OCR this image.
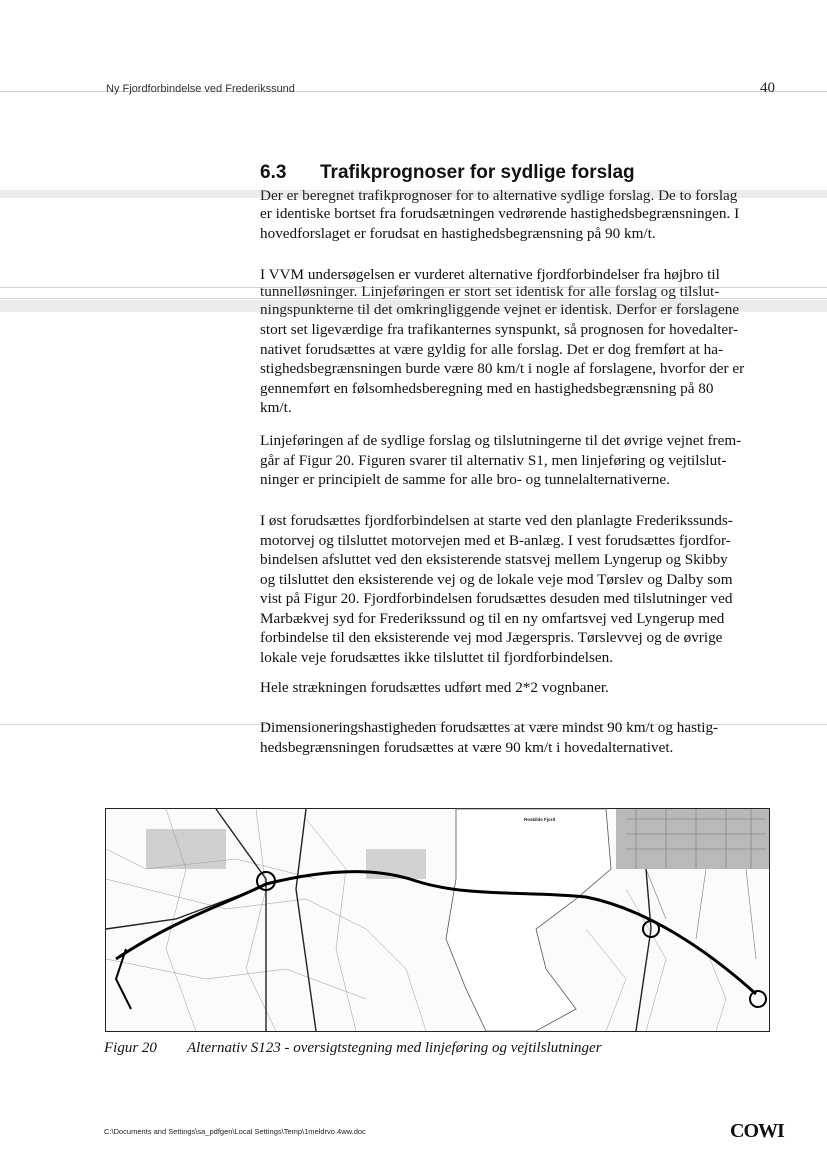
Ny Fjordforbindelse ved Frederikssund	40
6.3 Trafikprognoser for sydlige forslag
Der er beregnet trafikprognoser for to alternative sydlige forslag. De to forslag
er identiske bortset fra forudsætningen vedrørende hastighedsbegrænsningen. I
hovedforslaget er forudsat en hastighedsbegrænsning på 90 km/t.
I VVM undersøgelsen er vurderet alternative fjordforbindelser fra højbro til
tunnelløsninger. Linjeføringen er stort set identisk for alle forslag og tilslut-
ningspunkterne til det omkringliggende vejnet er identisk. Derfor er forslagene
stort set ligeværdige fra trafikanternes synspunkt, så prognosen for hovedalter-
nativet forudsættes at være gyldig for alle forslag. Det er dog fremført at ha-
stighedsbegrænsningen burde være 80 km/t i nogle af forslagene, hvorfor der er
gennemført en følsomhedsberegning med en hastighedsbegrænsning på 80
km/t.
Linjeføringen af de sydlige forslag og tilslutningerne til det øvrige vejnet frem-
går af Figur 20. Figuren svarer til alternativ S1, men linjeføring og vejtilslut-
ninger er principielt de samme for alle bro- og tunnelalternativerne.
I øst forudsættes fjordforbindelsen at starte ved den planlagte Frederikssunds-
motorvej og tilsluttet motorvejen med et B-anlæg. I vest forudsættes fjordfor-
bindelsen afsluttet ved den eksisterende statsvej mellem Lyngerup og Skibby
og tilsluttet den eksisterende vej og de lokale veje mod Tørslev og Dalby som
vist på Figur 20. Fjordforbindelsen forudsættes desuden med tilslutninger ved
Marbækvej syd for Frederikssund og til en ny omfartsvej ved Lyngerup med
forbindelse til den eksisterende vej mod Jægerspris. Tørslevvej og de øvrige
lokale veje forudsættes ikke tilsluttet til fjordforbindelsen.
Hele strækningen forudsættes udført med 2*2 vognbaner.
Dimensioneringshastigheden forudsættes at være mindst 90 km/t og hastig-
hedsbegrænsningen forudsættes at være 90 km/t i hovedalternativet.
Roskilde Fjord
Figur 20 Alternativ S123 - oversigtstegning med linjeføring og vejtilslutninger
C:\Documents and Settings\sa_pdfgen\Local Settings\Temp\1meldrvo.4ww.doc	COWI
